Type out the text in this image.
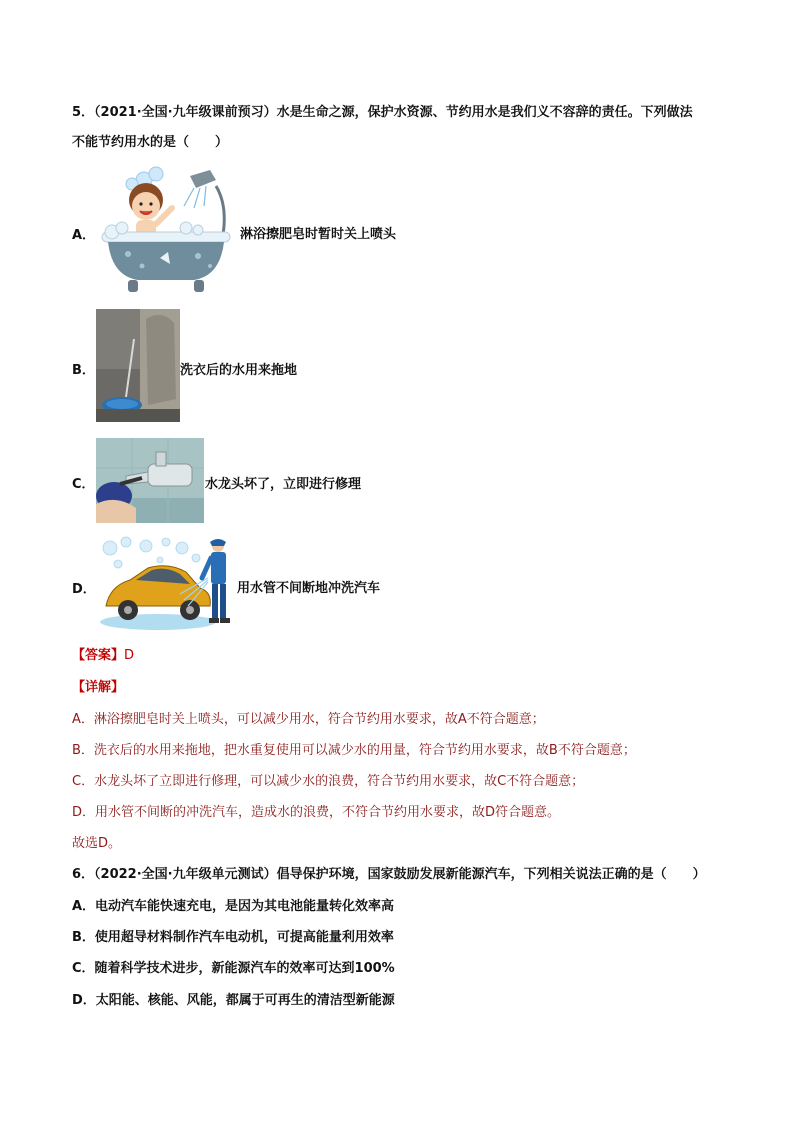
5．（2021·全国·九年级课前预习）水是生命之源，保护水资源、节约用水是我们义不容辞的责任。下列做法
不能节约用水的是（　　）
A．	淋浴擦肥皂时暂时关上喷头
B．	洗衣后的水用来拖地
C．	水龙头坏了，立即进行修理
D．	用水管不间断地冲洗汽车
【答案】D
【详解】
A．淋浴擦肥皂时关上喷头，可以减少用水，符合节约用水要求，故A不符合题意；
B．洗衣后的水用来拖地，把水重复使用可以减少水的用量，符合节约用水要求，故B不符合题意；
C．水龙头坏了立即进行修理，可以减少水的浪费，符合节约用水要求，故C不符合题意；
D．用水管不间断的冲洗汽车，造成水的浪费，不符合节约用水要求，故D符合题意。
故选D。
6．（2022·全国·九年级单元测试）倡导保护环境，国家鼓励发展新能源汽车，下列相关说法正确的是（　　）
A．电动汽车能快速充电，是因为其电池能量转化效率高
B．使用超导材料制作汽车电动机，可提高能量利用效率
C．随着科学技术进步，新能源汽车的效率可达到100%
D．太阳能、核能、风能，都属于可再生的清洁型新能源
